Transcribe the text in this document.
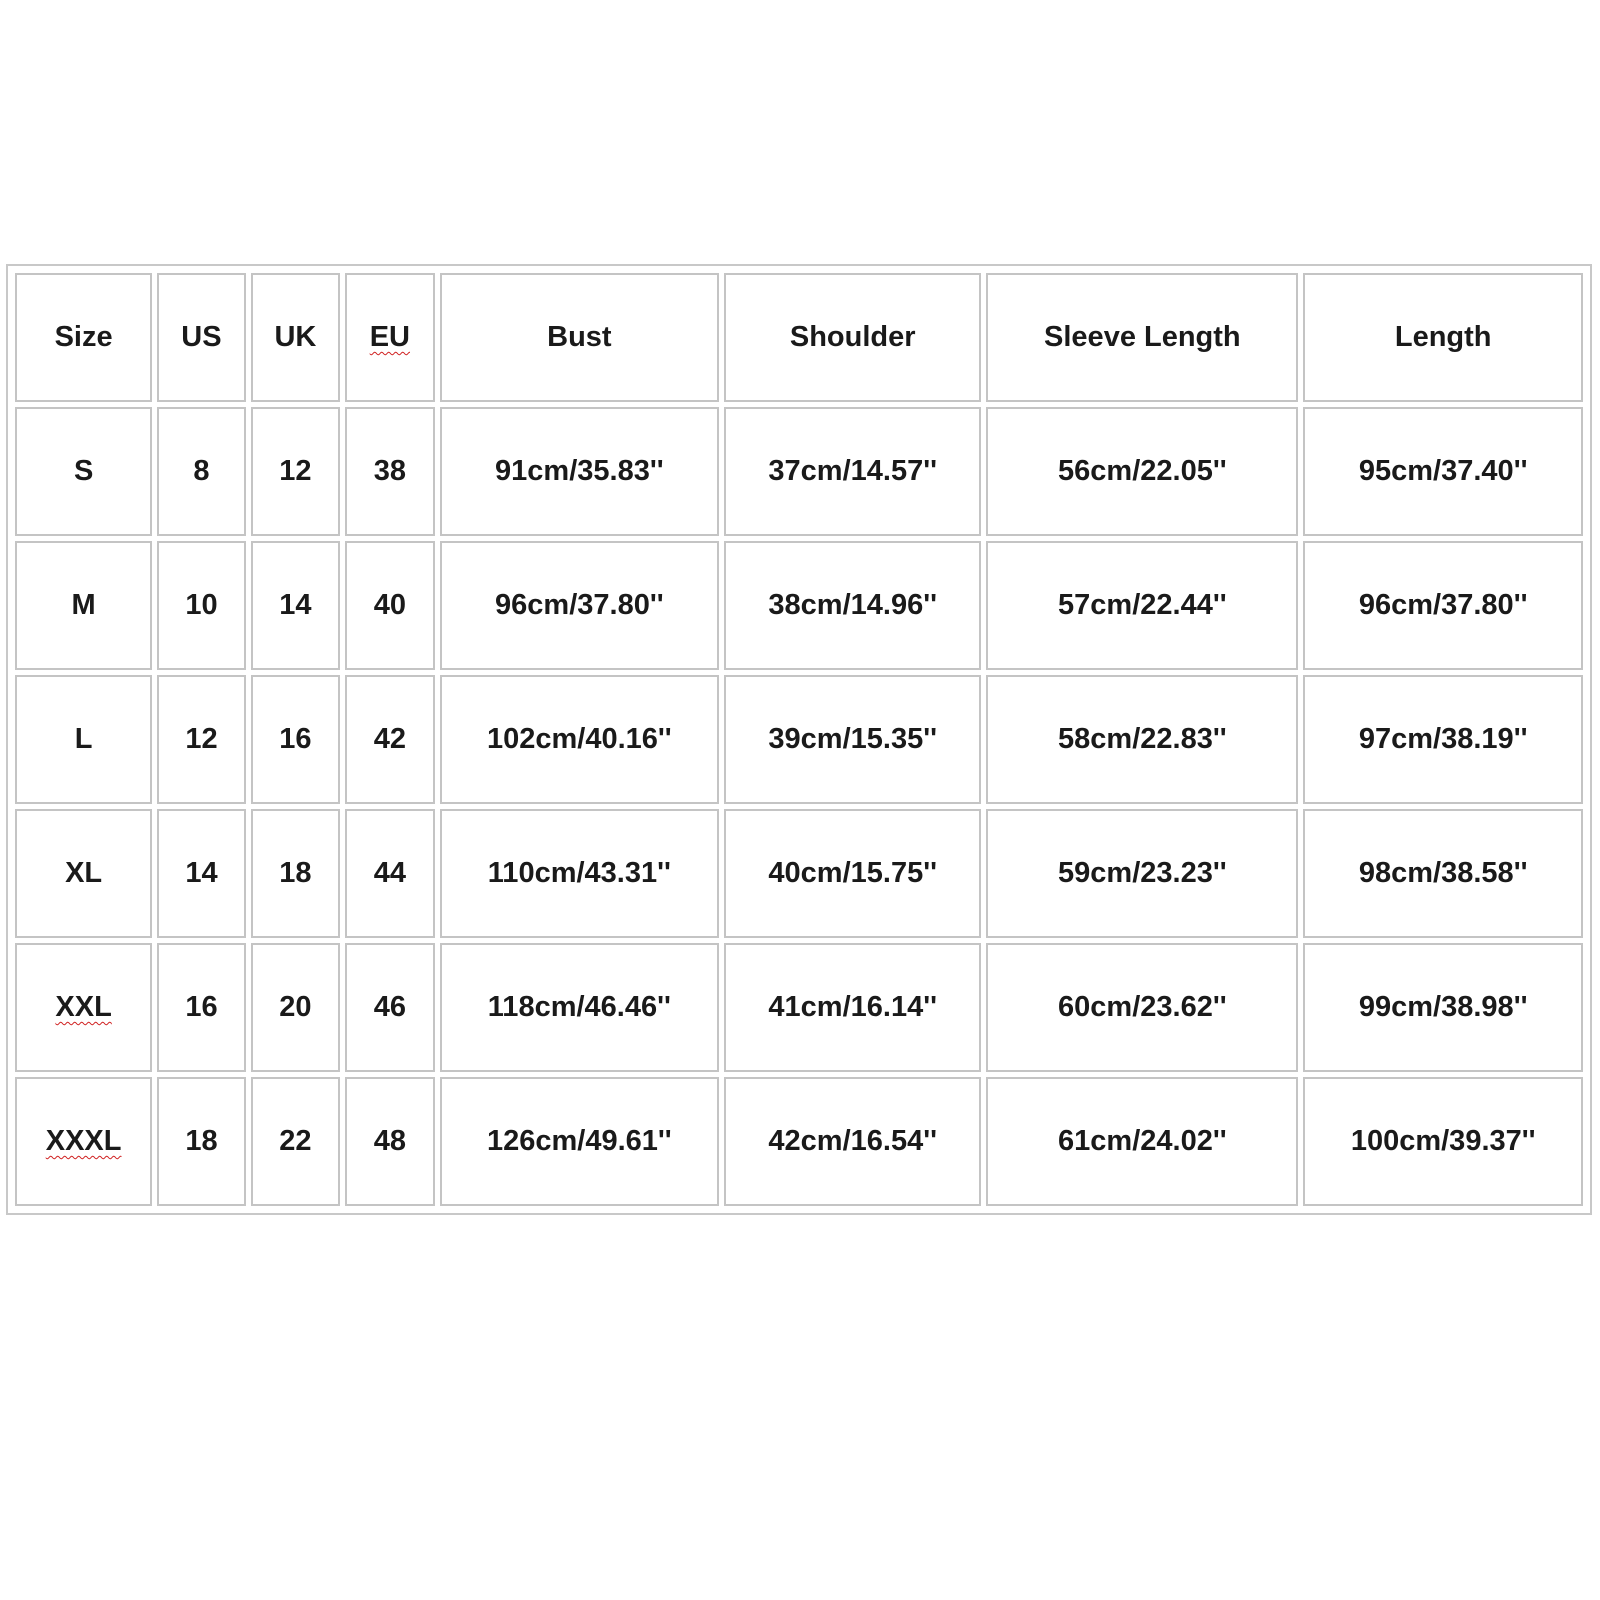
Size	US	UK	EU	Bust	Shoulder	Sleeve Length	Length
S	8	12	38	91cm/35.83''	37cm/14.57''	56cm/22.05''	95cm/37.40''
M	10	14	40	96cm/37.80''	38cm/14.96''	57cm/22.44''	96cm/37.80''
L	12	16	42	102cm/40.16''	39cm/15.35''	58cm/22.83''	97cm/38.19''
XL	14	18	44	110cm/43.31''	40cm/15.75''	59cm/23.23''	98cm/38.58''
XXL	16	20	46	118cm/46.46''	41cm/16.14''	60cm/23.62''	99cm/38.98''
XXXL	18	22	48	126cm/49.61''	42cm/16.54''	61cm/24.02''	100cm/39.37''
